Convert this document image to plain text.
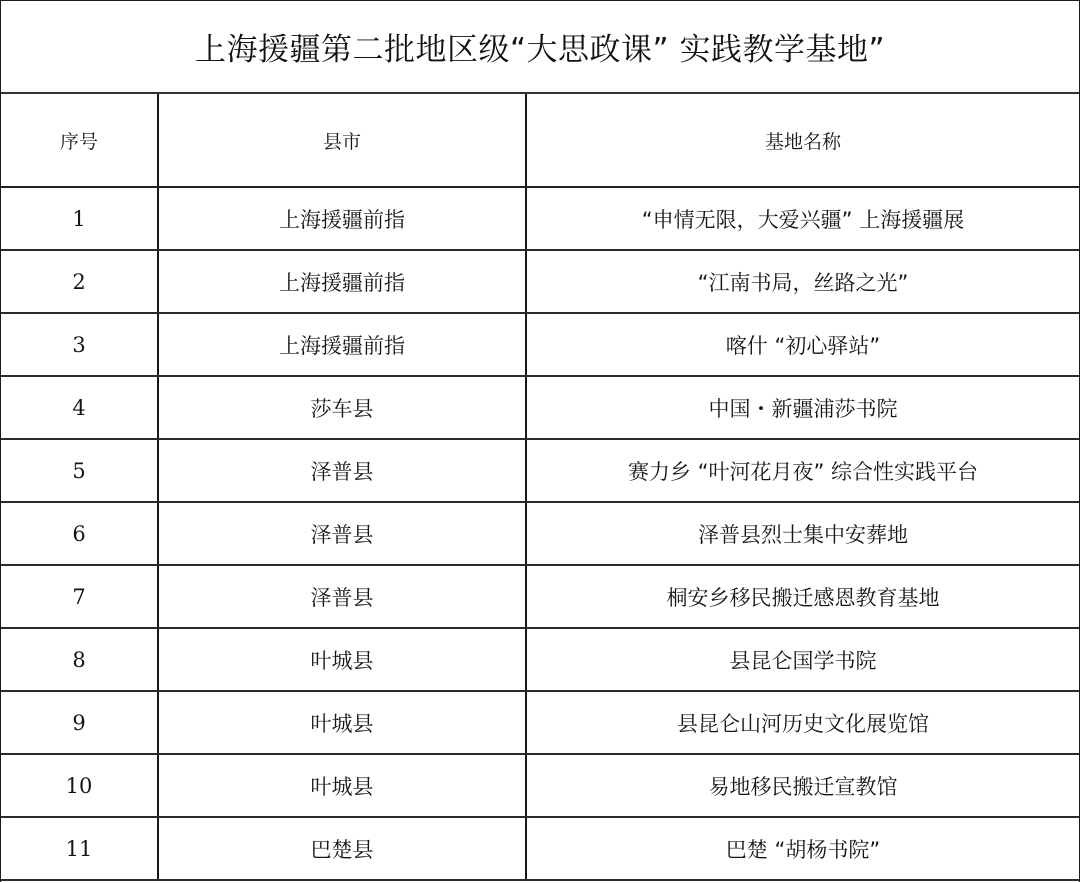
上海援疆第二批地区级“大思政课” 实践教学基地”
序号	县市	基地名称
1	上海援疆前指	“申情无限，大爱兴疆” 上海援疆展
2	上海援疆前指	“江南书局，丝路之光”
3	上海援疆前指	喀什 “初心驿站”
4	莎车县	中国・新疆浦莎书院
5	泽普县	赛力乡 “叶河花月夜” 综合性实践平台
6	泽普县	泽普县烈士集中安葬地
7	泽普县	桐安乡移民搬迁感恩教育基地
8	叶城县	县昆仑国学书院
9	叶城县	县昆仑山河历史文化展览馆
10	叶城县	易地移民搬迁宣教馆
11	巴楚县	巴楚 “胡杨书院”
